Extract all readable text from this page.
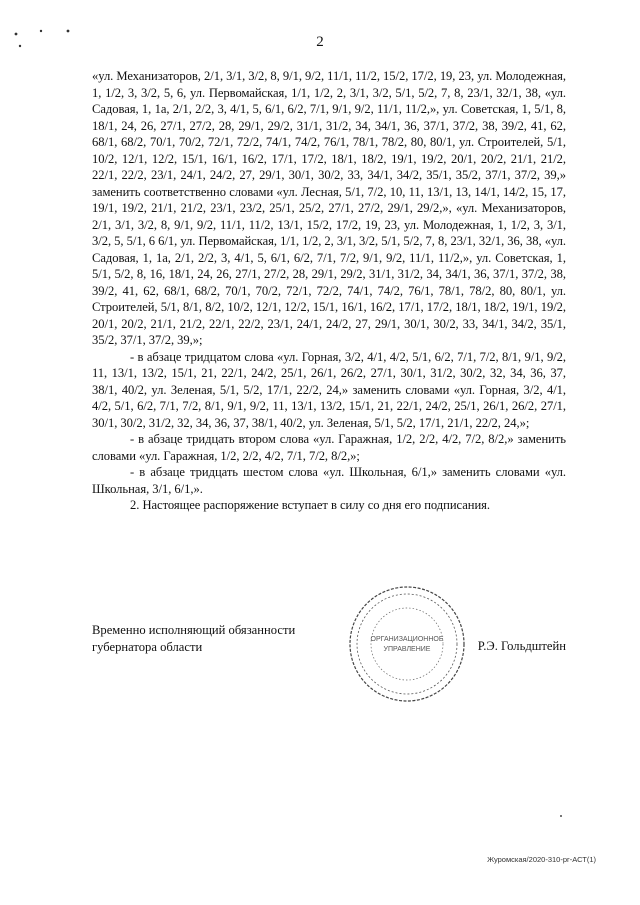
2

«ул. Механизаторов, 2/1, 3/1, 3/2, 8, 9/1, 9/2, 11/1, 11/2, 15/2, 17/2, 19, 23, ул. Молодежная, 1, 1/2, 3, 3/2, 5, 6, ул. Первомайская, 1/1, 1/2, 2, 3/1, 3/2, 5/1, 5/2, 7, 8, 23/1, 32/1, 38, «ул. Садовая, 1, 1а, 2/1, 2/2, 3, 4/1, 5, 6/1, 6/2, 7/1, 9/1, 9/2, 11/1, 11/2,», ул. Советская, 1, 5/1, 8, 18/1, 24, 26, 27/1, 27/2, 28, 29/1, 29/2, 31/1, 31/2, 34, 34/1, 36, 37/1, 37/2, 38, 39/2, 41, 62, 68/1, 68/2, 70/1, 70/2, 72/1, 72/2, 74/1, 74/2, 76/1, 78/1, 78/2, 80, 80/1, ул. Строителей, 5/1, 10/2, 12/1, 12/2, 15/1, 16/1, 16/2, 17/1, 17/2, 18/1, 18/2, 19/1, 19/2, 20/1, 20/2, 21/1, 21/2, 22/1, 22/2, 23/1, 24/1, 24/2, 27, 29/1, 30/1, 30/2, 33, 34/1, 34/2, 35/1, 35/2, 37/1, 37/2, 39,» заменить соответственно словами «ул. Лесная, 5/1, 7/2, 10, 11, 13/1, 13, 14/1, 14/2, 15, 17, 19/1, 19/2, 21/1, 21/2, 23/1, 23/2, 25/1, 25/2, 27/1, 27/2, 29/1, 29/2,», «ул. Механизаторов, 2/1, 3/1, 3/2, 8, 9/1, 9/2, 11/1, 11/2, 13/1, 15/2, 17/2, 19, 23, ул. Молодежная, 1, 1/2, 3, 3/1, 3/2, 5, 5/1, 6 6/1, ул. Первомайская, 1/1, 1/2, 2, 3/1, 3/2, 5/1, 5/2, 7, 8, 23/1, 32/1, 36, 38, «ул. Садовая, 1, 1а, 2/1, 2/2, 3, 4/1, 5, 6/1, 6/2, 7/1, 7/2, 9/1, 9/2, 11/1, 11/2,», ул. Советская, 1, 5/1, 5/2, 8, 16, 18/1, 24, 26, 27/1, 27/2, 28, 29/1, 29/2, 31/1, 31/2, 34, 34/1, 36, 37/1, 37/2, 38, 39/2, 41, 62, 68/1, 68/2, 70/1, 70/2, 72/1, 72/2, 74/1, 74/2, 76/1, 78/1, 78/2, 80, 80/1, ул. Строителей, 5/1, 8/1, 8/2, 10/2, 12/1, 12/2, 15/1, 16/1, 16/2, 17/1, 17/2, 18/1, 18/2, 19/1, 19/2, 20/1, 20/2, 21/1, 21/2, 22/1, 22/2, 23/1, 24/1, 24/2, 27, 29/1, 30/1, 30/2, 33, 34/1, 34/2, 35/1, 35/2, 37/1, 37/2, 39,»;

- в абзаце тридцатом слова «ул. Горная, 3/2, 4/1, 4/2, 5/1, 6/2, 7/1, 7/2, 8/1, 9/1, 9/2, 11, 13/1, 13/2, 15/1, 21, 22/1, 24/2, 25/1, 26/1, 26/2, 27/1, 30/1, 31/2, 30/2, 32, 34, 36, 37, 38/1, 40/2, ул. Зеленая, 5/1, 5/2, 17/1, 22/2, 24,» заменить словами «ул. Горная, 3/2, 4/1, 4/2, 5/1, 6/2, 7/1, 7/2, 8/1, 9/1, 9/2, 11, 13/1, 13/2, 15/1, 21, 22/1, 24/2, 25/1, 26/1, 26/2, 27/1, 30/1, 30/2, 31/2, 32, 34, 36, 37, 38/1, 40/2, ул. Зеленая, 5/1, 5/2, 17/1, 21/1, 22/2, 24,»;

- в абзаце тридцать втором слова «ул. Гаражная, 1/2, 2/2, 4/2, 7/2, 8/2,» заменить словами «ул. Гаражная, 1/2, 2/2, 4/2, 7/1, 7/2, 8/2,»;

- в абзаце тридцать шестом слова «ул. Школьная, 6/1,» заменить словами «ул. Школьная, 3/1, 6/1,».

2. Настоящее распоряжение вступает в силу со дня его подписания.

ОРГАНИЗАЦИОННОЕ
УПРАВЛЕНИЕ
Временно исполняющий обязанности губернатора области	Р.Э. Гольдштейн
Журомская/2020-310-рг-АСТ(1)
